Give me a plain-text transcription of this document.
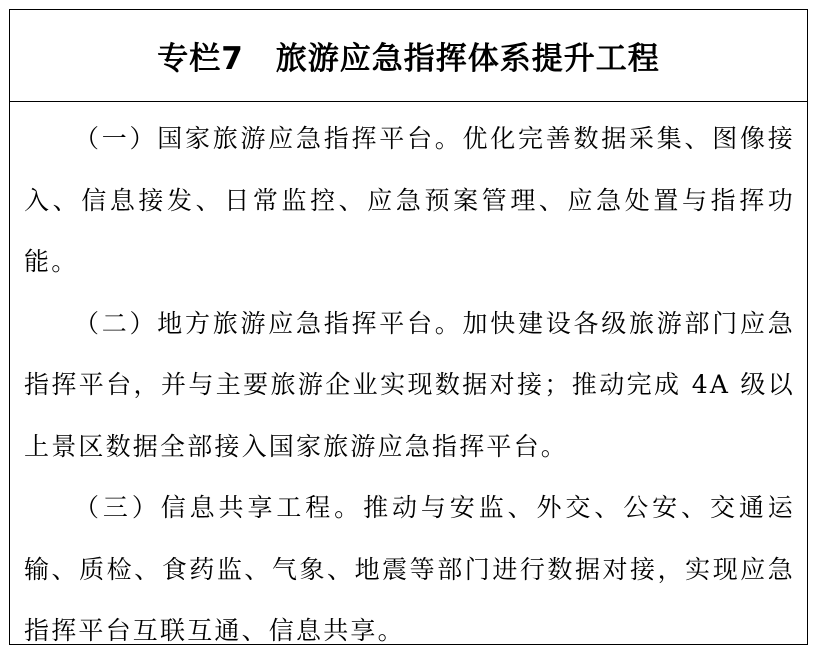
专栏7　旅游应急指挥体系提升工程

（一）国家旅游应急指挥平台。优化完善数据采集、图像接入、信息接发、日常监控、应急预案管理、应急处置与指挥功能。

（二）地方旅游应急指挥平台。加快建设各级旅游部门应急指挥平台，并与主要旅游企业实现数据对接；推动完成 4A 级以上景区数据全部接入国家旅游应急指挥平台。

（三）信息共享工程。推动与安监、外交、公安、交通运输、质检、食药监、气象、地震等部门进行数据对接，实现应急指挥平台互联互通、信息共享。
